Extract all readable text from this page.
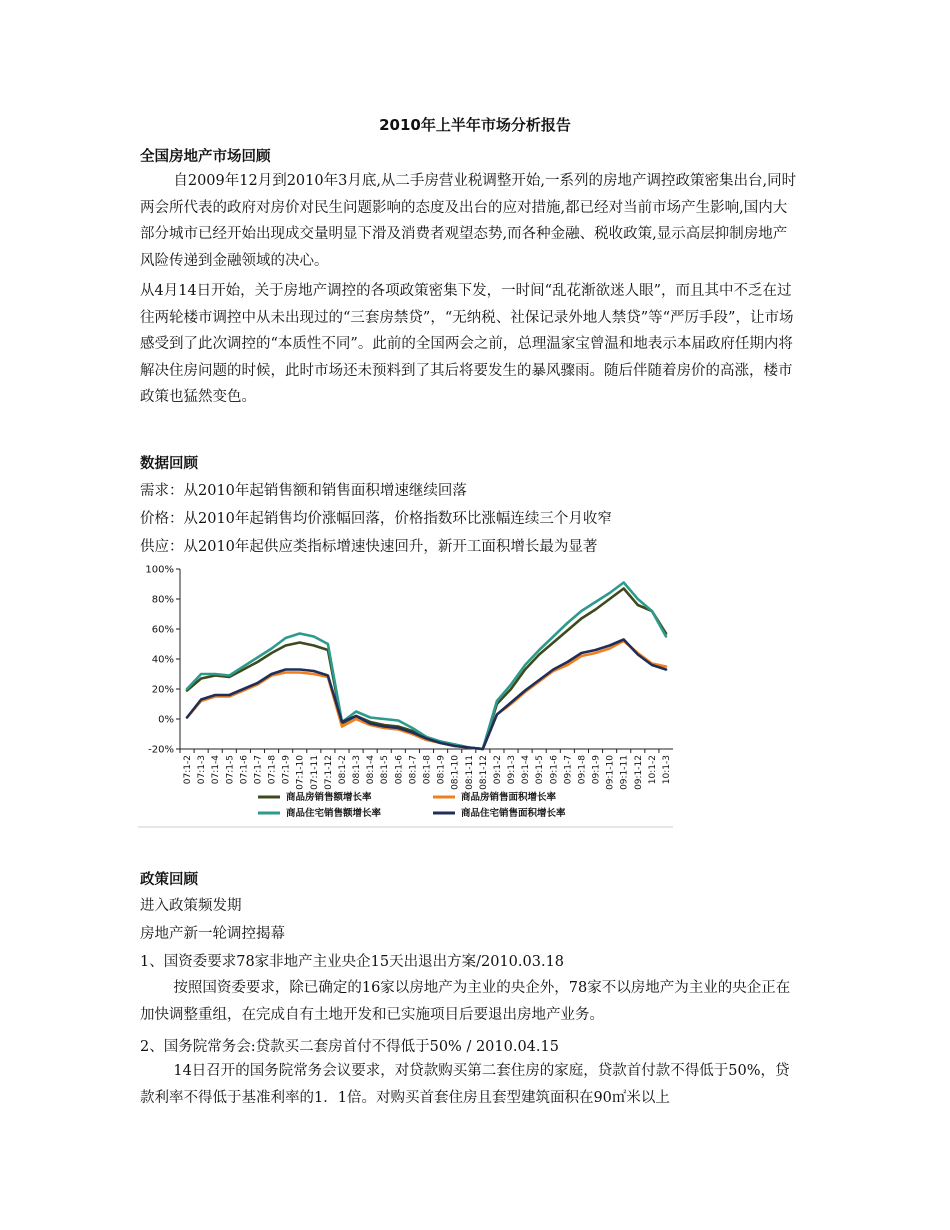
2010年上半年市场分析报告
全国房地产市场回顾

自2009年12月到2010年3月底,从二手房营业税调整开始,一系列的房地产调控政策密集出台,同时两会所代表的政府对房价对民生问题影响的态度及出台的应对措施,都已经对当前市场产生影响,国内大部分城市已经开始出现成交量明显下滑及消费者观望态势,而各种金融、税收政策,显示高层抑制房地产风险传递到金融领域的决心。

从4月14日开始，关于房地产调控的各项政策密集下发，一时间“乱花渐欲迷人眼”，而且其中不乏在过往两轮楼市调控中从未出现过的“三套房禁贷”，“无纳税、社保记录外地人禁贷”等“严厉手段”，让市场感受到了此次调控的“本质性不同”。此前的全国两会之前，总理温家宝曾温和地表示本届政府任期内将解决住房问题的时候，此时市场还未预料到了其后将要发生的暴风骤雨。随后伴随着房价的高涨，楼市政策也猛然变色。

数据回顾
需求：从2010年起销售额和销售面积增速继续回落
价格：从2010年起销售均价涨幅回落，价格指数环比涨幅连续三个月收窄
供应：从2010年起供应类指标增速快速回升，新开工面积增长最为显著
100%
80%
60%
40%
20%
0%
-20%
07:1-2 07:1-3 07:1-4 07:1-5 07:1-6 07:1-7 07:1-8 07:1-9 07:1-10 07:1-11 07:1-12 08:1-2 08:1-3 08:1-4 08:1-5 08:1-6 08:1-7 08:1-8 08:1-9 08:1-10 08:1-11 08:1-12 09:1-2 09:1-3 09:1-4 09:1-5 09:1-6 09:1-7 09:1-8 09:1-9 09:1-10 09:1-11 09:1-12 10:1-2 10:1-3
商品房销售额增长率	商品房销售面积增长率
商品住宅销售额增长率	商品住宅销售面积增长率
政策回顾
进入政策频发期
房地产新一轮调控揭幕
1、国资委要求78家非地产主业央企15天出退出方案/2010.03.18

按照国资委要求，除已确定的16家以房地产为主业的央企外，78家不以房地产为主业的央企正在加快调整重组，在完成自有土地开发和已实施项目后要退出房地产业务。

2、国务院常务会:贷款买二套房首付不得低于50% / 2010.04.15

14日召开的国务院常务会议要求，对贷款购买第二套住房的家庭，贷款首付款不得低于50%，贷款利率不得低于基准利率的1．1倍。对购买首套住房且套型建筑面积在90㎡米以上
